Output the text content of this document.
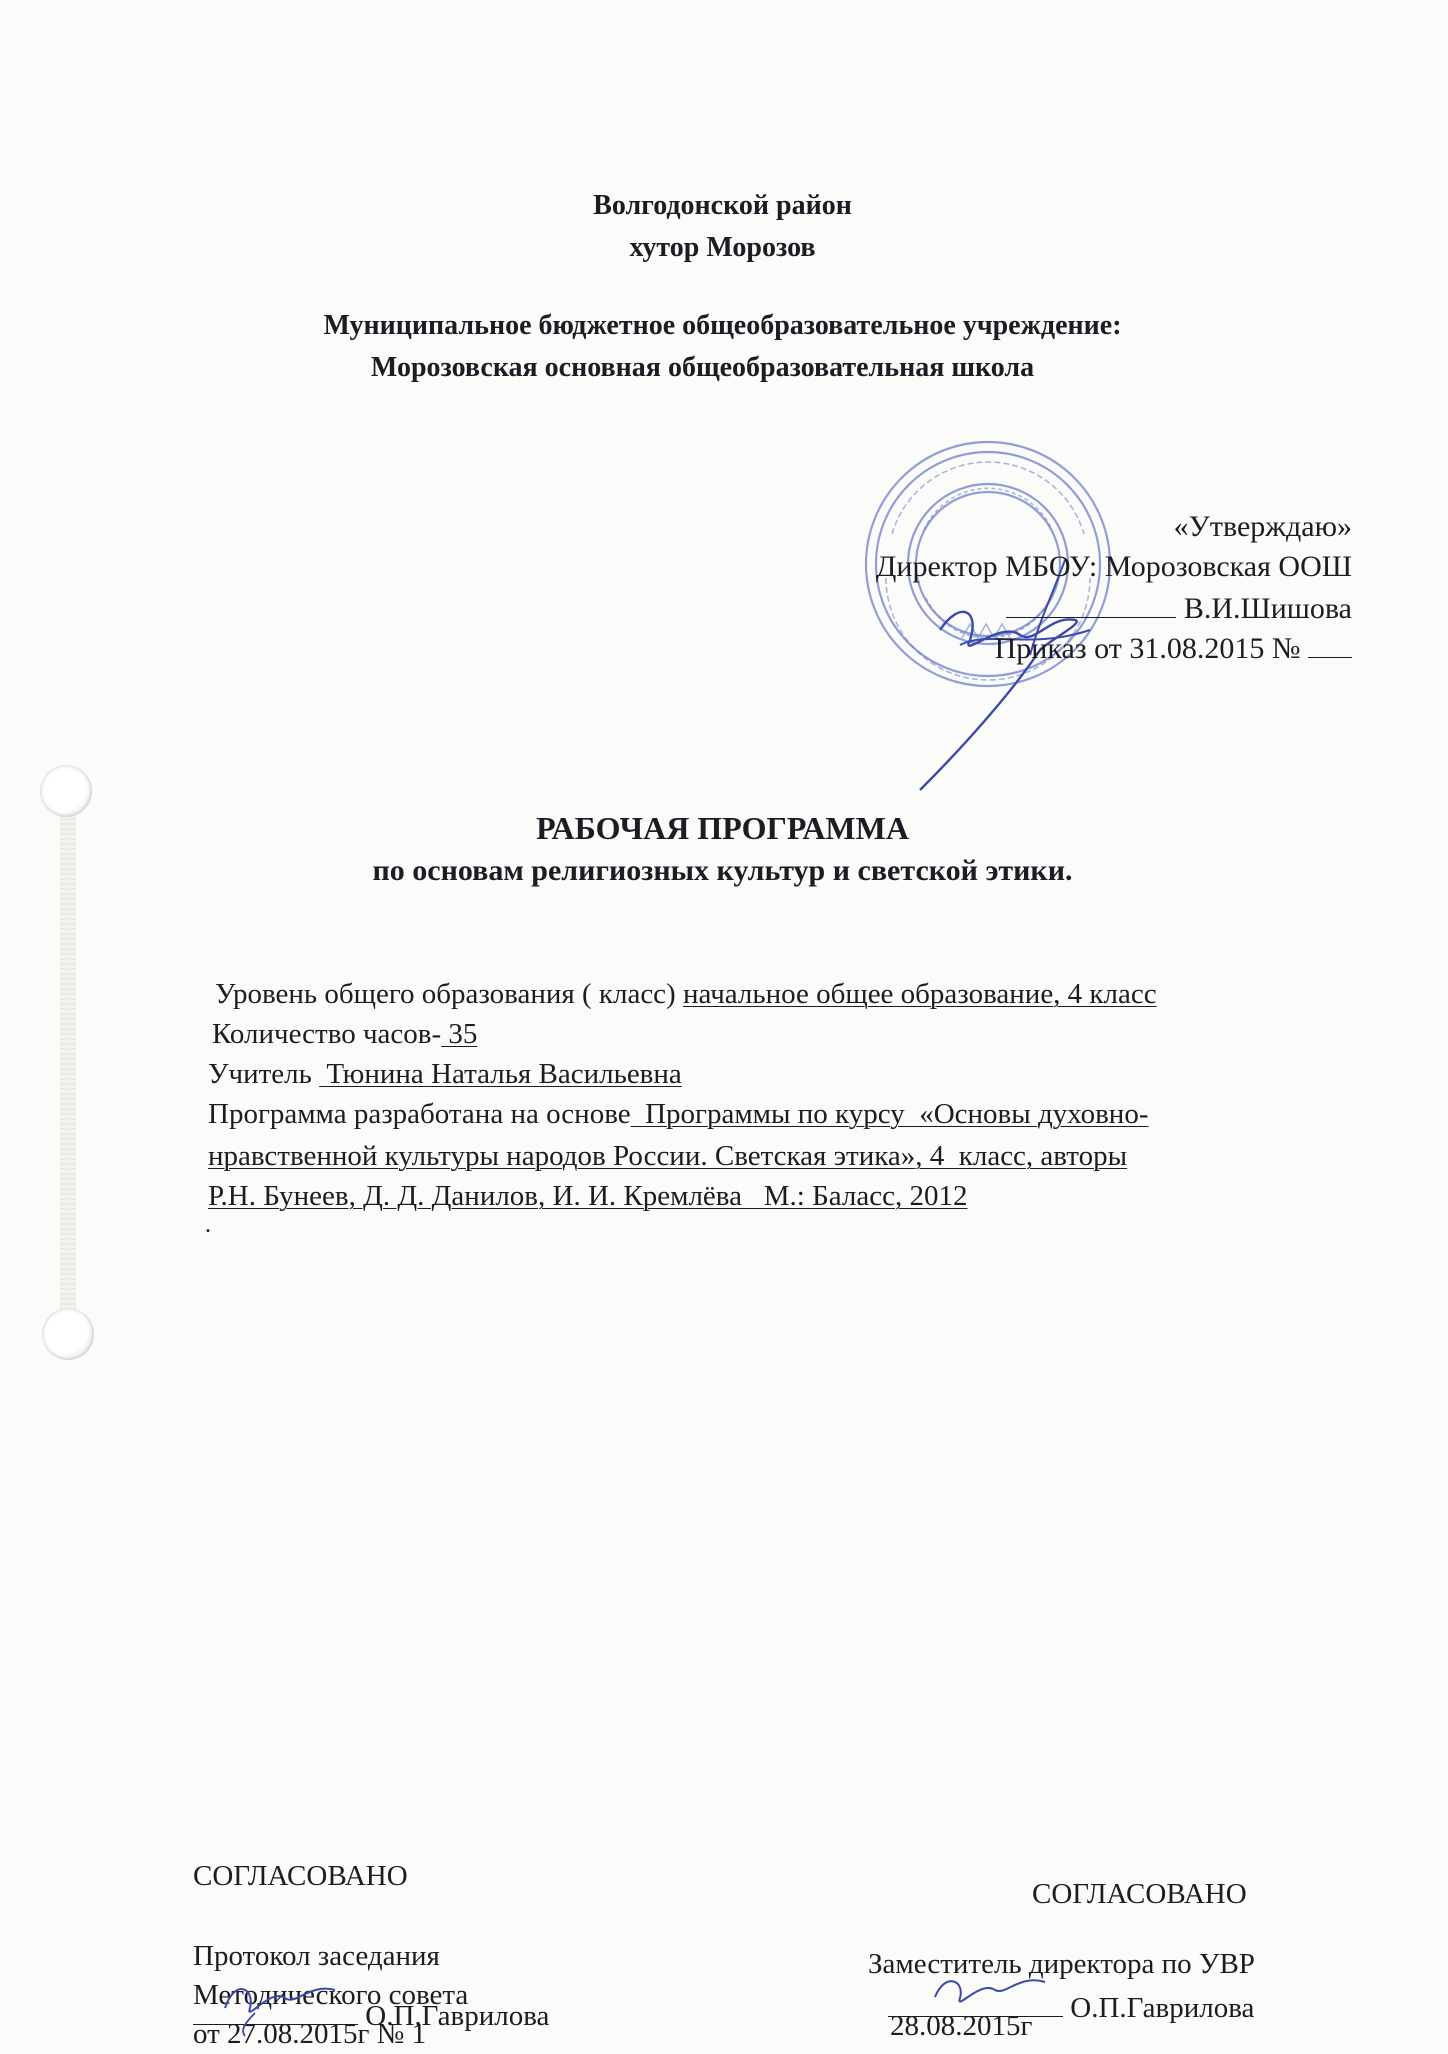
Волгодонской район
хутор Морозов
Муниципальное бюджетное общеобразовательное учреждение:
Морозовская основная общеобразовательная школа
«Утверждаю»
Директор МБОУ: Морозовская ООШ
В.И.Шишова
Приказ от 31.08.2015 №
РАБОЧАЯ ПРОГРАММА
по основам религиозных культур и светской этики.
Уровень общего образования ( класс) начальное общее образование, 4 класс
Количество часов- 35
Учитель  Тюнина Наталья Васильевна
Программа разработана на основе  Программы по курсу  «Основы духовно-
нравственной культуры народов России. Светская этика», 4  класс, авторы
Р.Н. Бунеев, Д. Д. Данилов, И. И. Кремлёва   М.: Баласс, 2012
.
СОГЛАСОВАНО
Протокол заседания
Методического совета
от 27.08.2015г № 1
О.П.Гаврилова
СОГЛАСОВАНО
Заместитель директора по УВР
О.П.Гаврилова
28.08.2015г
